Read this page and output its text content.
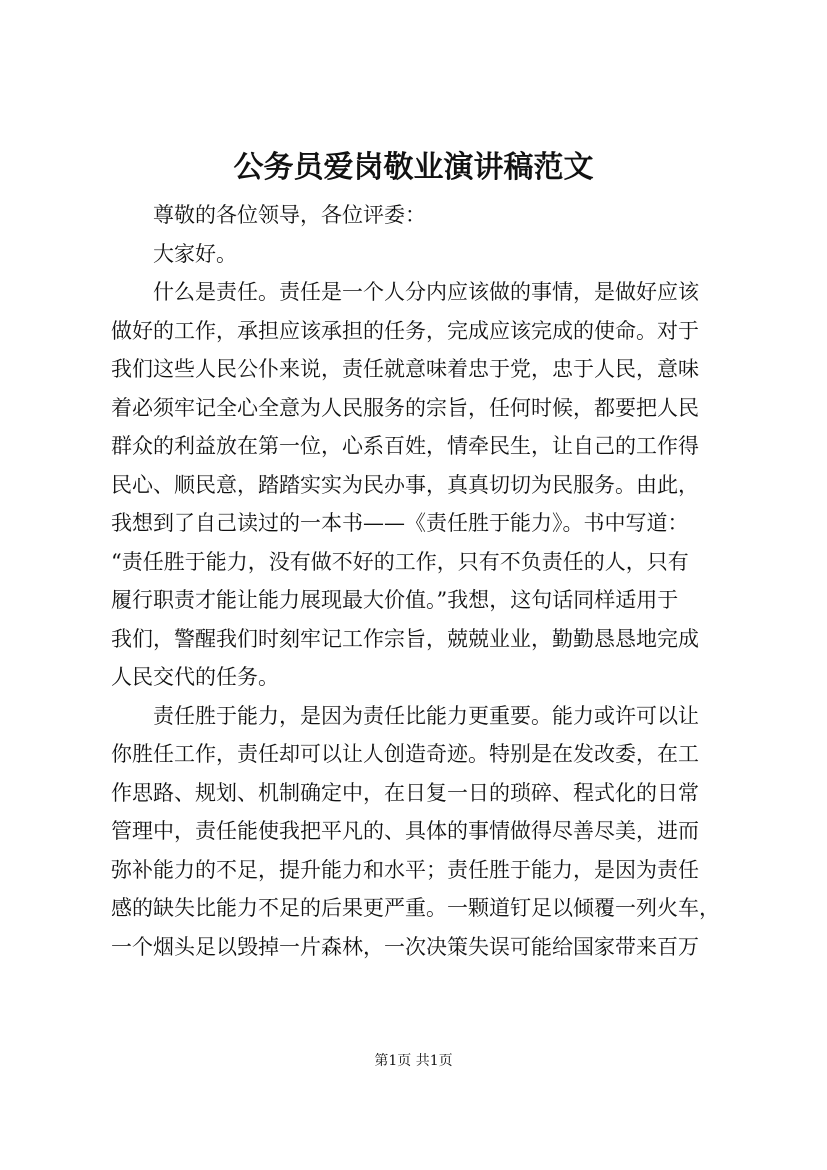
公务员爱岗敬业演讲稿范文
尊敬的各位领导，各位评委：
大家好。
什么是责任。责任是一个人分内应该做的事情，是做好应该
做好的工作，承担应该承担的任务，完成应该完成的使命。对于
我们这些人民公仆来说，责任就意味着忠于党，忠于人民，意味
着必须牢记全心全意为人民服务的宗旨，任何时候，都要把人民
群众的利益放在第一位，心系百姓，情牵民生，让自己的工作得
民心、顺民意，踏踏实实为民办事，真真切切为民服务。由此，
我想到了自己读过的一本书——《责任胜于能力》。书中写道：
“责任胜于能力，没有做不好的工作，只有不负责任的人，只有
履行职责才能让能力展现最大价值。”我想，这句话同样适用于
我们，警醒我们时刻牢记工作宗旨，兢兢业业，勤勤恳恳地完成
人民交代的任务。
责任胜于能力，是因为责任比能力更重要。能力或许可以让
你胜任工作，责任却可以让人创造奇迹。特别是在发改委，在工
作思路、规划、机制确定中，在日复一日的琐碎、程式化的日常
管理中，责任能使我把平凡的、具体的事情做得尽善尽美，进而
弥补能力的不足，提升能力和水平；责任胜于能力，是因为责任
感的缺失比能力不足的后果更严重。一颗道钉足以倾覆一列火车，
一个烟头足以毁掉一片森林，一次决策失误可能给国家带来百万
第1页 共1页
